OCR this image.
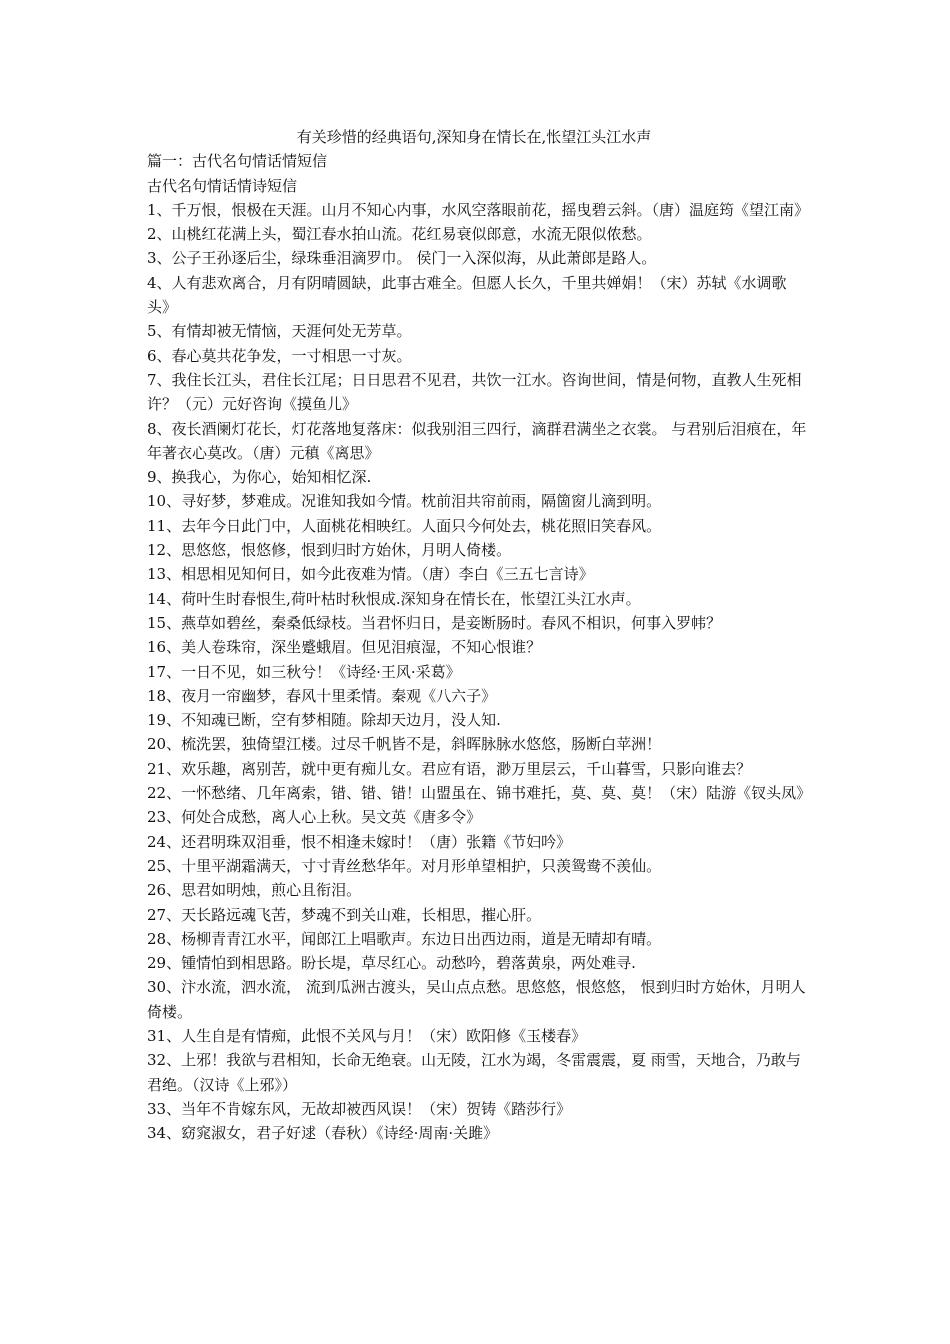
有关珍惜的经典语句,深知身在情长在,怅望江头江水声
篇一：古代名句情话情短信
古代名句情话情诗短信
1、千万恨，恨极在天涯。山月不知心内事，水风空落眼前花，摇曳碧云斜。（唐）温庭筠《望江南》
2、山桃红花满上头，蜀江春水拍山流。花红易衰似郎意，水流无限似侬愁。
3、公子王孙逐后尘，绿珠垂泪滴罗巾。 侯门一入深似海，从此萧郎是路人。
4、人有悲欢离合，月有阴晴圆缺，此事古难全。但愿人长久，千里共婵娟！（宋）苏轼《水调歌头》
5、有情却被无情恼，天涯何处无芳草。
6、春心莫共花争发，一寸相思一寸灰。
7、我住长江头，君住长江尾；日日思君不见君，共饮一江水。咨询世间，情是何物，直教人生死相许？（元）元好咨询《摸鱼儿》
8、夜长酒阑灯花长，灯花落地复落床：似我别泪三四行，滴群君满坐之衣裳。 与君别后泪痕在，年年著衣心莫改。（唐）元稹《离思》
9、换我心，为你心，始知相忆深.
10、寻好梦，梦难成。况谁知我如今情。枕前泪共帘前雨，隔箇窗儿滴到明。
11、去年今日此门中，人面桃花相映红。人面只今何处去，桃花照旧笑春风。
12、思悠悠，恨悠修，恨到归时方始休，月明人倚楼。
13、相思相见知何日，如今此夜难为情。（唐）李白《三五七言诗》
14、荷叶生时春恨生,荷叶枯时秋恨成.深知身在情长在，怅望江头江水声。
15、燕草如碧丝，秦桑低绿枝。当君怀归日，是妾断肠时。春风不相识，何事入罗帏？
16、美人卷珠帘，深坐蹙蛾眉。但见泪痕湿，不知心恨谁？
17、一日不见，如三秋兮！《诗经·王风·采葛》
18、夜月一帘幽梦，春风十里柔情。秦观《八六子》
19、不知魂已断，空有梦相随。除却天边月，没人知.
20、梳洗罢，独倚望江楼。过尽千帆皆不是，斜晖脉脉水悠悠，肠断白苹洲！
21、欢乐趣，离别苦，就中更有痴儿女。君应有语，渺万里层云，千山暮雪，只影向谁去？
22、一怀愁绪、几年离索，错、错、错！山盟虽在、锦书难托，莫、莫、莫！（宋）陆游《钗头凤》
23、何处合成愁，离人心上秋。吴文英《唐多令》
24、还君明珠双泪垂，恨不相逢未嫁时！（唐）张籍《节妇吟》
25、十里平湖霜满天，寸寸青丝愁华年。对月形单望相护，只羡鸳鸯不羡仙。
26、思君如明烛，煎心且衔泪。
27、天长路远魂飞苦，梦魂不到关山难，长相思，摧心肝。
28、杨柳青青江水平，闻郎江上唱歌声。东边日出西边雨，道是无晴却有晴。
29、锺情怕到相思路。盼长堤，草尽红心。动愁吟，碧落黄泉，两处难寻.
30、汴水流，泗水流， 流到瓜洲古渡头，吴山点点愁。思悠悠，恨悠悠， 恨到归时方始休，月明人倚楼。
31、人生自是有情痴，此恨不关风与月！（宋）欧阳修《玉楼春》
32、上邪！我欲与君相知，长命无绝衰。山无陵，江水为竭，冬雷震震，夏 雨雪，天地合，乃敢与君绝。（汉诗《上邪》）
33、当年不肯嫁东风，无故却被西风误！（宋）贺铸《踏莎行》
34、窈窕淑女，君子好逑（春秋）《诗经·周南·关雎》
